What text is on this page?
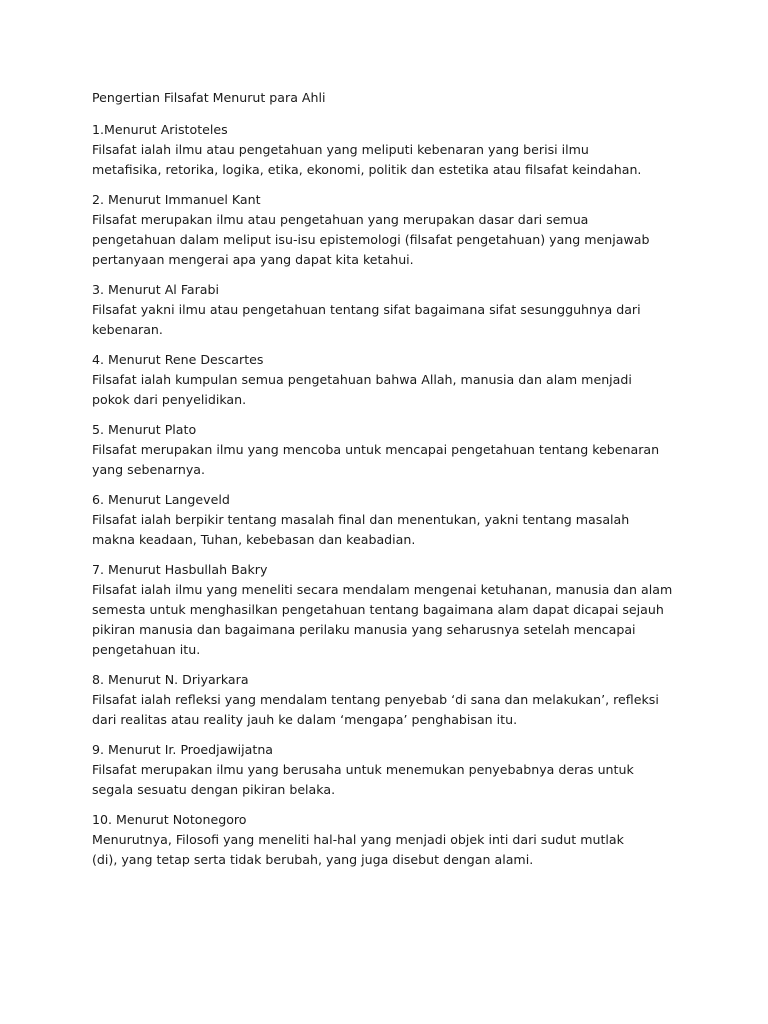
Pengertian Filsafat Menurut para Ahli
1.Menurut Aristoteles
Filsafat ialah ilmu atau pengetahuan yang meliputi kebenaran yang berisi ilmu
metafisika, retorika, logika, etika, ekonomi, politik dan estetika atau filsafat keindahan.
2. Menurut Immanuel Kant
Filsafat merupakan ilmu atau pengetahuan yang merupakan dasar dari semua
pengetahuan dalam meliput isu-isu epistemologi (filsafat pengetahuan) yang menjawab
pertanyaan mengerai apa yang dapat kita ketahui.
3. Menurut Al Farabi
Filsafat yakni ilmu atau pengetahuan tentang sifat bagaimana sifat sesungguhnya dari
kebenaran.
4. Menurut Rene Descartes
Filsafat ialah kumpulan semua pengetahuan bahwa Allah, manusia dan alam menjadi
pokok dari penyelidikan.
5. Menurut Plato
Filsafat merupakan ilmu yang mencoba untuk mencapai pengetahuan tentang kebenaran
yang sebenarnya.
6. Menurut Langeveld
Filsafat ialah berpikir tentang masalah final dan menentukan, yakni tentang masalah
makna keadaan, Tuhan, kebebasan dan keabadian.
7. Menurut Hasbullah Bakry
Filsafat ialah ilmu yang meneliti secara mendalam mengenai ketuhanan, manusia dan alam
semesta untuk menghasilkan pengetahuan tentang bagaimana alam dapat dicapai sejauh
pikiran manusia dan bagaimana perilaku manusia yang seharusnya setelah mencapai
pengetahuan itu.
8. Menurut N. Driyarkara
Filsafat ialah refleksi yang mendalam tentang penyebab ‘di sana dan melakukan’, refleksi
dari realitas atau reality jauh ke dalam ‘mengapa’ penghabisan itu.
9. Menurut Ir. Proedjawijatna
Filsafat merupakan ilmu yang berusaha untuk menemukan penyebabnya deras untuk
segala sesuatu dengan pikiran belaka.
10. Menurut Notonegoro
Menurutnya, Filosofi yang meneliti hal-hal yang menjadi objek inti dari sudut mutlak
(di), yang tetap serta tidak berubah, yang juga disebut dengan alami.
